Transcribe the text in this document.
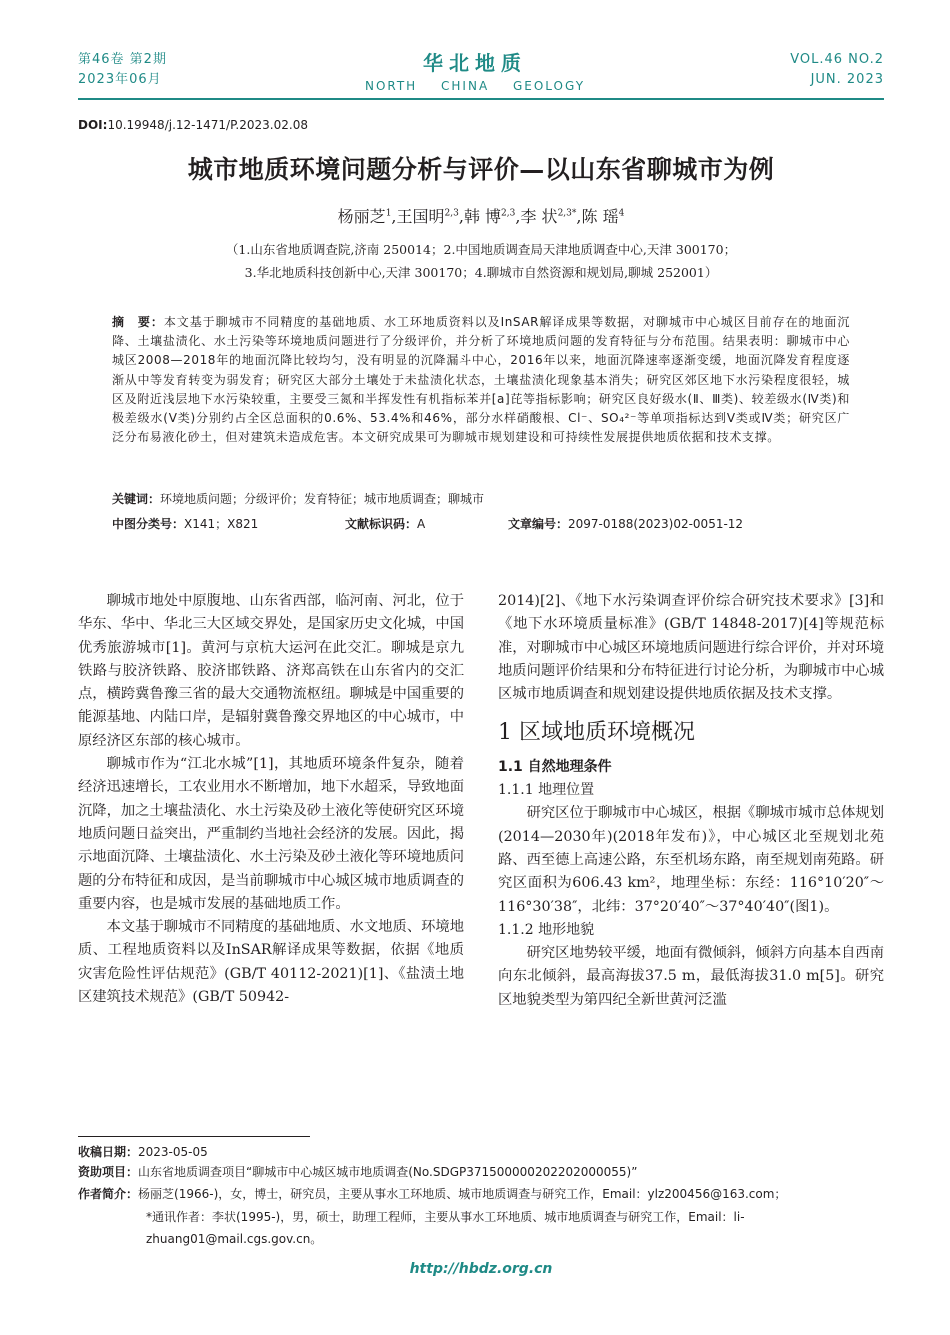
第46卷 第2期
2023年06月
华北地质
NORTH CHINA GEOLOGY
VOL.46 NO.2
JUN. 2023
DOI:10.19948/j.12-1471/P.2023.02.08
城市地质环境问题分析与评价—以山东省聊城市为例
杨丽芝$^1$,王国明$^{2,3}$,韩 博$^{2,3}$,李 状$^{2,3*}$,陈 瑶$^4$
（1.山东省地质调查院,济南 250014；2.中国地质调查局天津地质调查中心,天津 300170；
3.华北地质科技创新中心,天津 300170；4.聊城市自然资源和规划局,聊城 252001）
摘　要：本文基于聊城市不同精度的基础地质、水工环地质资料以及InSAR解译成果等数据，对聊城市中心城区目前存在的地面沉降、土壤盐渍化、水土污染等环境地质问题进行了分级评价，并分析了环境地质问题的发育特征与分布范围。结果表明：聊城市中心城区2008—2018年的地面沉降比较均匀，没有明显的沉降漏斗中心，2016年以来，地面沉降速率逐渐变缓，地面沉降发育程度逐渐从中等发育转变为弱发育；研究区大部分土壤处于未盐渍化状态，土壤盐渍化现象基本消失；研究区郊区地下水污染程度很轻，城区及附近浅层地下水污染较重，主要受三氮和半挥发性有机指标苯并[a]芘等指标影响；研究区良好级水(Ⅱ、Ⅲ类)、较差级水(Ⅳ类)和极差级水(Ⅴ类)分别约占全区总面积的0.6%、53.4%和46%，部分水样硝酸根、Cl⁻、SO₄²⁻等单项指标达到Ⅴ类或Ⅳ类；研究区广泛分布易液化砂土，但对建筑未造成危害。本文研究成果可为聊城市规划建设和可持续性发展提供地质依据和技术支撑。
关键词：环境地质问题；分级评价；发育特征；城市地质调查；聊城市
中图分类号：X141；X821	文献标识码：A	文章编号：2097-0188(2023)02-0051-12

聊城市地处中原腹地、山东省西部，临河南、河北，位于华东、华中、华北三大区域交界处，是国家历史文化城，中国优秀旅游城市[1]。黄河与京杭大运河在此交汇。聊城是京九铁路与胶济铁路、胶济邯铁路、济郑高铁在山东省内的交汇点，横跨冀鲁豫三省的最大交通物流枢纽。聊城是中国重要的能源基地、内陆口岸，是辐射冀鲁豫交界地区的中心城市，中原经济区东部的核心城市。

聊城市作为“江北水城”[1]，其地质环境条件复杂，随着经济迅速增长，工农业用水不断增加，地下水超采，导致地面沉降，加之土壤盐渍化、水土污染及砂土液化等使研究区环境地质问题日益突出，严重制约当地社会经济的发展。因此，揭示地面沉降、土壤盐渍化、水土污染及砂土液化等环境地质问题的分布特征和成因，是当前聊城市中心城区城市地质调查的重要内容，也是城市发展的基础地质工作。

本文基于聊城市不同精度的基础地质、水文地质、环境地质、工程地质资料以及InSAR解译成果等数据，依据《地质灾害危险性评估规范》(GB/T 40112-2021)[1]、《盐渍土地区建筑技术规范》(GB/T 50942-

2014)[2]、《地下水污染调查评价综合研究技术要求》[3]和《地下水环境质量标准》(GB/T 14848-2017)[4]等规范标准，对聊城市中心城区环境地质问题进行综合评价，并对环境地质问题评价结果和分布特征进行讨论分析，为聊城市中心城区城市地质调查和规划建设提供地质依据及技术支撑。

1 区域地质环境概况

1.1 自然地理条件

1.1.1 地理位置

研究区位于聊城市中心城区，根据《聊城市城市总体规划(2014—2030年)(2018年发布)》，中心城区北至规划北苑路、西至德上高速公路，东至机场东路，南至规划南苑路。研究区面积为606.43 km²，地理坐标：东经：116°10′20″～116°30′38″，北纬：37°20′40″～37°40′40″(图1)。

1.1.2 地形地貌

研究区地势较平缓，地面有微倾斜，倾斜方向基本自西南向东北倾斜，最高海拔37.5 m，最低海拔31.0 m[5]。研究区地貌类型为第四纪全新世黄河泛滥

收稿日期：2023-05-05
资助项目：山东省地质调查项目“聊城市中心城区城市地质调查(No.SDGP371500000202202000055)”
作者简介：杨丽芝(1966-)，女，博士，研究员，主要从事水工环地质、城市地质调查与研究工作，Email：ylz200456@163.com；
*通讯作者：李状(1995-)，男，硕士，助理工程师，主要从事水工环地质、城市地质调查与研究工作，Email：li-
zhuang01@mail.cgs.gov.cn。
http://hbdz.org.cn
